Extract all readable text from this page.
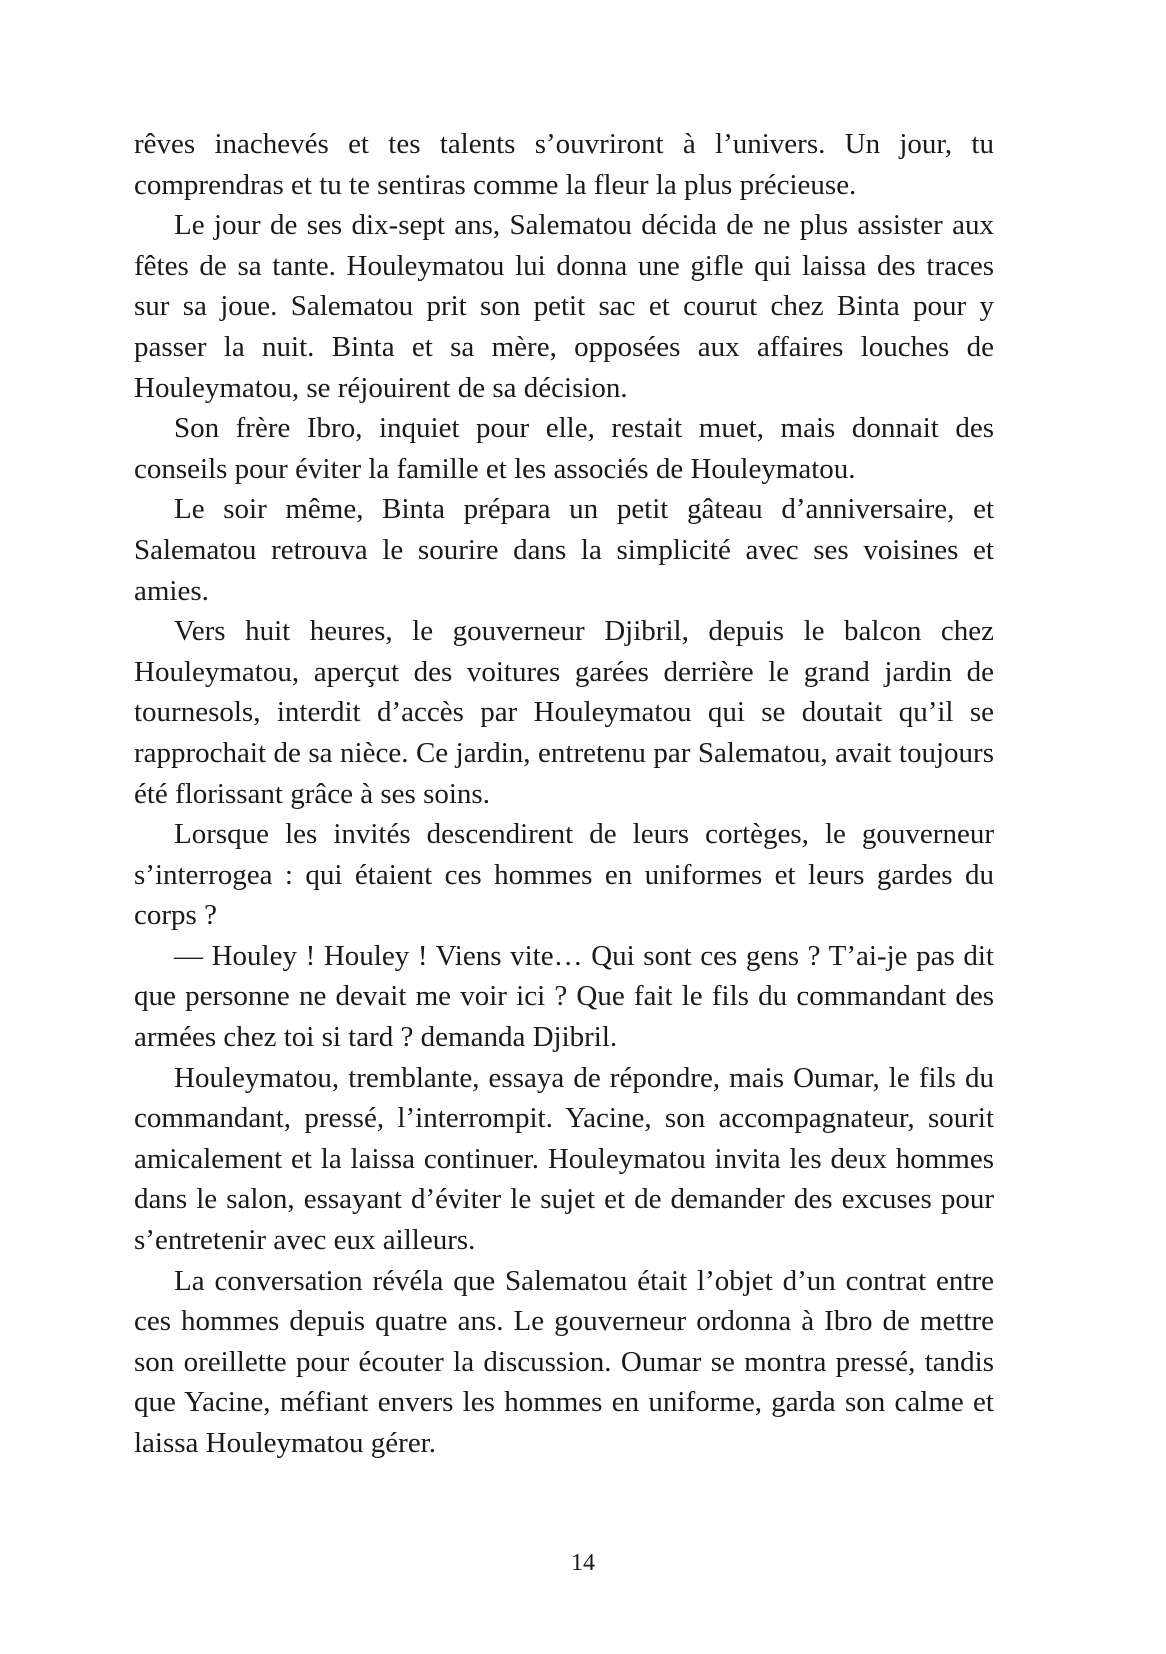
rêves inachevés et tes talents s’ouvriront à l’univers. Un jour, tu comprendras et tu te sentiras comme la fleur la plus précieuse.

Le jour de ses dix-sept ans, Salematou décida de ne plus assister aux fêtes de sa tante. Houleymatou lui donna une gifle qui laissa des traces sur sa joue. Salematou prit son petit sac et courut chez Binta pour y passer la nuit. Binta et sa mère, opposées aux affaires louches de Houleymatou, se réjouirent de sa décision.

Son frère Ibro, inquiet pour elle, restait muet, mais donnait des conseils pour éviter la famille et les associés de Houleymatou.

Le soir même, Binta prépara un petit gâteau d’anniversaire, et Salematou retrouva le sourire dans la simplicité avec ses voisines et amies.

Vers huit heures, le gouverneur Djibril, depuis le balcon chez Houleymatou, aperçut des voitures garées derrière le grand jardin de tournesols, interdit d’accès par Houleymatou qui se doutait qu’il se rapprochait de sa nièce. Ce jardin, entretenu par Salematou, avait toujours été florissant grâce à ses soins.

Lorsque les invités descendirent de leurs cortèges, le gouverneur s’interrogea : qui étaient ces hommes en uniformes et leurs gardes du corps ?

— Houley ! Houley ! Viens vite… Qui sont ces gens ? T’ai-je pas dit que personne ne devait me voir ici ? Que fait le fils du commandant des armées chez toi si tard ? demanda Djibril.

Houleymatou, tremblante, essaya de répondre, mais Oumar, le fils du commandant, pressé, l’interrompit. Yacine, son accompagnateur, sourit amicalement et la laissa continuer. Houleymatou invita les deux hommes dans le salon, essayant d’éviter le sujet et de demander des excuses pour s’entretenir avec eux ailleurs.

La conversation révéla que Salematou était l’objet d’un contrat entre ces hommes depuis quatre ans. Le gouverneur ordonna à Ibro de mettre son oreillette pour écouter la discussion. Oumar se montra pressé, tandis que Yacine, méfiant envers les hommes en uniforme, garda son calme et laissa Houleymatou gérer.

14
